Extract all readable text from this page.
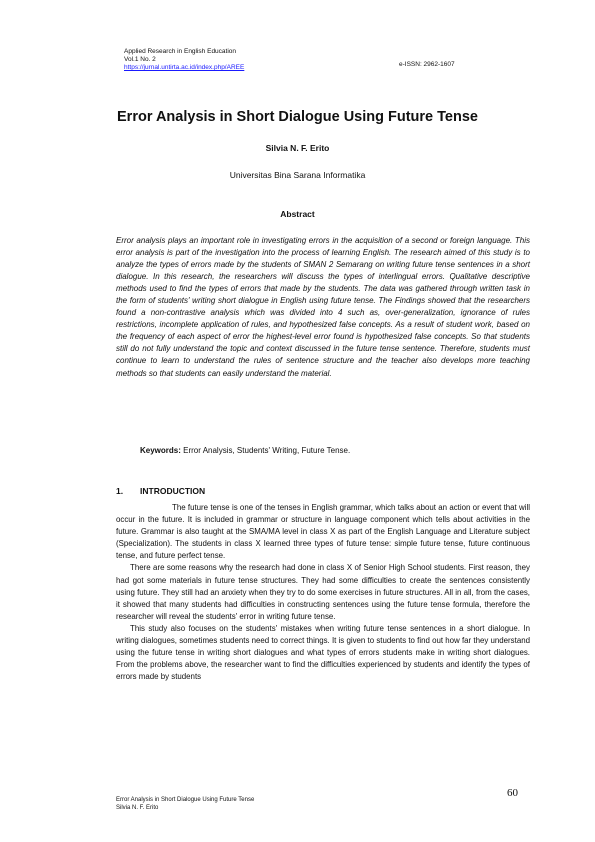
Applied Research in English Education
Vol.1 No. 2
https://jurnal.untirta.ac.id/index.php/AREE	e-ISSN: 2962-1607
Error Analysis in Short Dialogue Using Future Tense
Silvia N. F. Erito
Universitas Bina Sarana Informatika
Abstract
Error analysis plays an important role in investigating errors in the acquisition of a second or foreign language. This error analysis is part of the investigation into the process of learning English. The research aimed of this study is to analyze the types of errors made by the students of SMAN 2 Semarang on writing future tense sentences in a short dialogue. In this research, the researchers will discuss the types of interlingual errors. Qualitative descriptive methods used to find the types of errors that made by the students. The data was gathered through written task in the form of students' writing short dialogue in English using future tense. The Findings showed that the researchers found a non-contrastive analysis which was divided into 4 such as, over-generalization, ignorance of rules restrictions, incomplete application of rules, and hypothesized false concepts. As a result of student work, based on the frequency of each aspect of error the highest-level error found is hypothesized false concepts. So that students still do not fully understand the topic and context discussed in the future tense sentence. Therefore, students must continue to learn to understand the rules of sentence structure and the teacher also develops more teaching methods so that students can easily understand the material.
Keywords: Error Analysis, Students' Writing, Future Tense.
1. INTRODUCTION

The future tense is one of the tenses in English grammar, which talks about an action or event that will occur in the future. It is included in grammar or structure in language component which tells about activities in the future. Grammar is also taught at the SMA/MA level in class X as part of the English Language and Literature subject (Specialization). The students in class X learned three types of future tense: simple future tense, future continuous tense, and future perfect tense.

There are some reasons why the research had done in class X of Senior High School students. First reason, they had got some materials in future tense structures. They had some difficulties to create the sentences consistently using future. They still had an anxiety when they try to do some exercises in future structures. All in all, from the cases, it showed that many students had difficulties in constructing sentences using the future tense formula, therefore the researcher will reveal the students' error in writing future tense.

This study also focuses on the students' mistakes when writing future tense sentences in a short dialogue. In writing dialogues, sometimes students need to correct things. It is given to students to find out how far they understand using the future tense in writing short dialogues and what types of errors students make in writing short dialogues. From the problems above, the researcher want to find the difficulties experienced by students and identify the types of errors made by students

Error Analysis in Short Dialogue Using Future Tense
Silvia N. F. Erito
60
